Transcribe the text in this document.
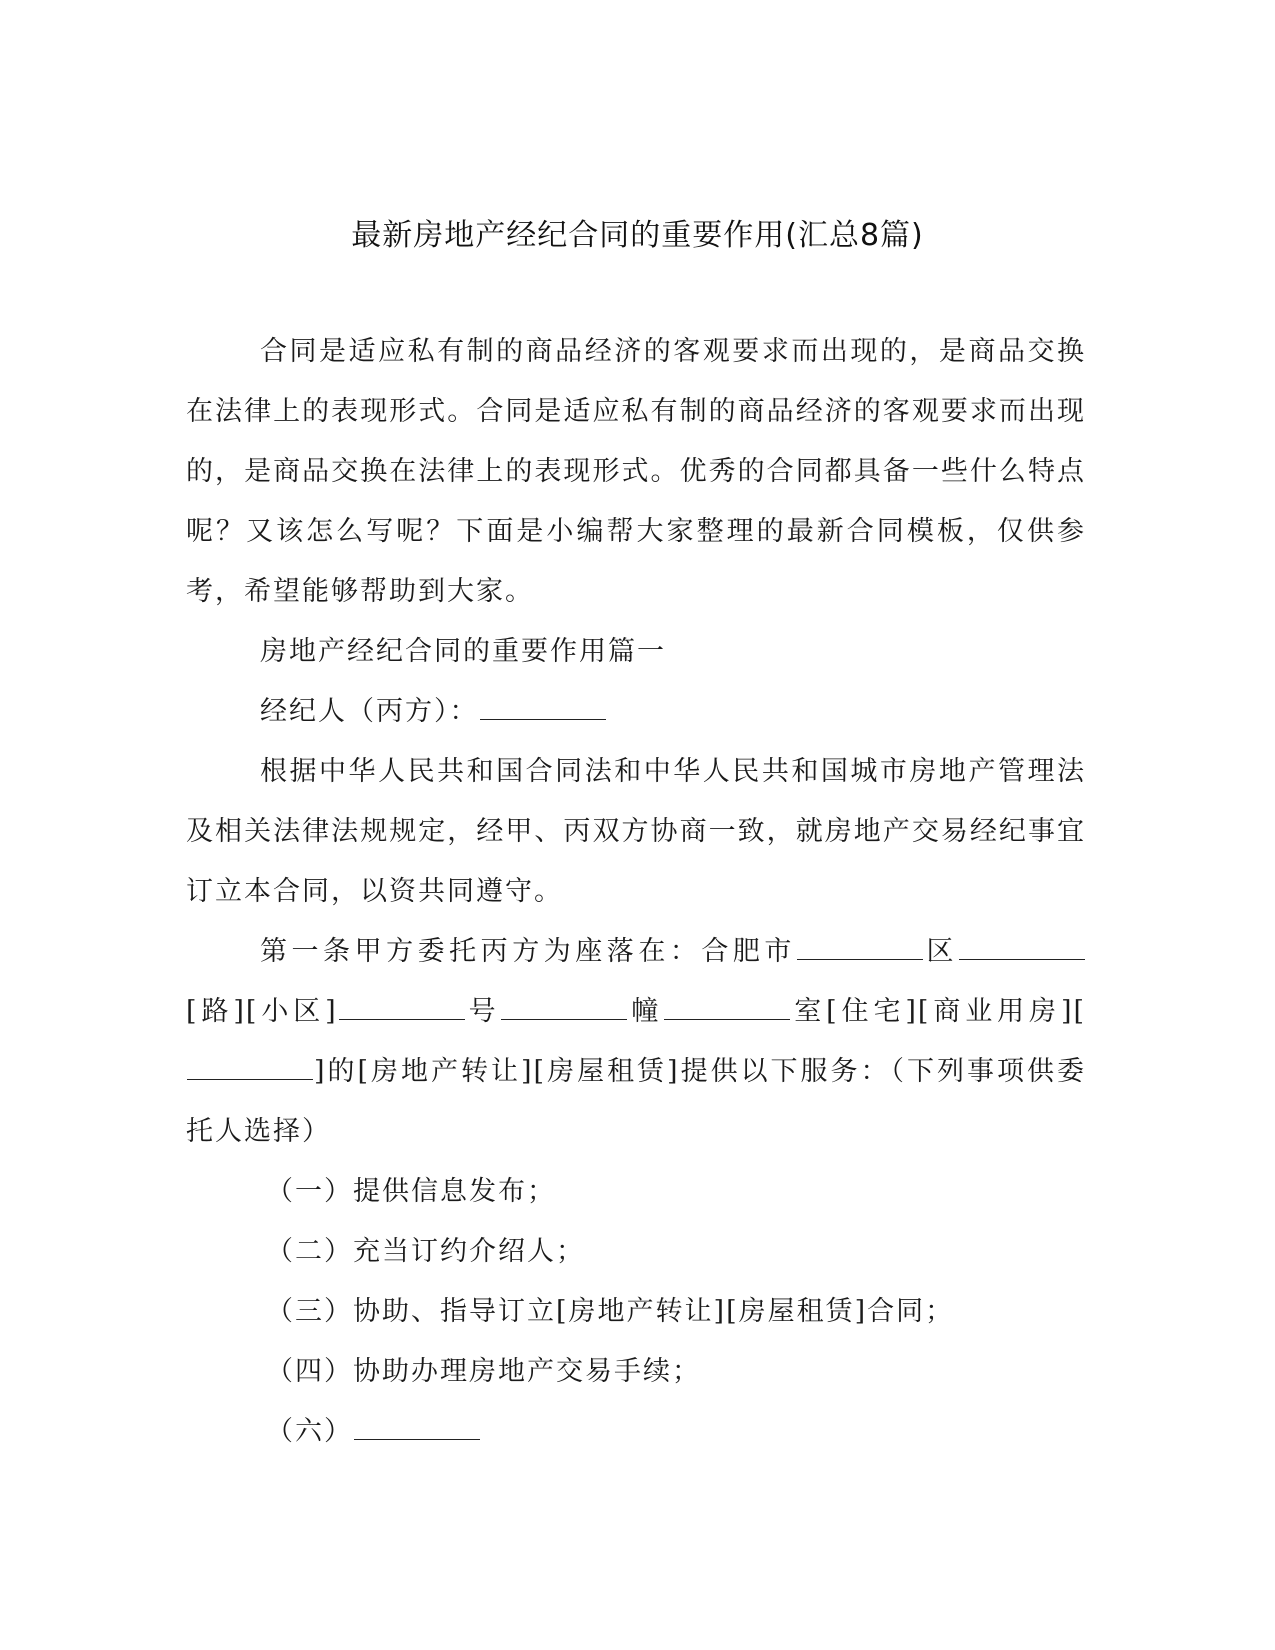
最新房地产经纪合同的重要作用(汇总8篇)

合同是适应私有制的商品经济的客观要求而出现的，是商品交换在法律上的表现形式。合同是适应私有制的商品经济的客观要求而出现的，是商品交换在法律上的表现形式。优秀的合同都具备一些什么特点呢？又该怎么写呢？下面是小编帮大家整理的最新合同模板，仅供参考，希望能够帮助到大家。

房地产经纪合同的重要作用篇一

经纪人（丙方）：

根据中华人民共和国合同法和中华人民共和国城市房地产管理法及相关法律法规规定，经甲、丙双方协商一致，就房地产交易经纪事宜订立本合同，以资共同遵守。

第一条甲方委托丙方为座落在：合肥市	区[路][小区]	号	幢	室[住宅][商业用房][]的[房地产转让][房屋租赁]提供以下服务：（下列事项供委托人选择）

（一）提供信息发布；

（二）充当订约介绍人；

（三）协助、指导订立[房地产转让][房屋租赁]合同；

（四）协助办理房地产交易手续；

（六）
